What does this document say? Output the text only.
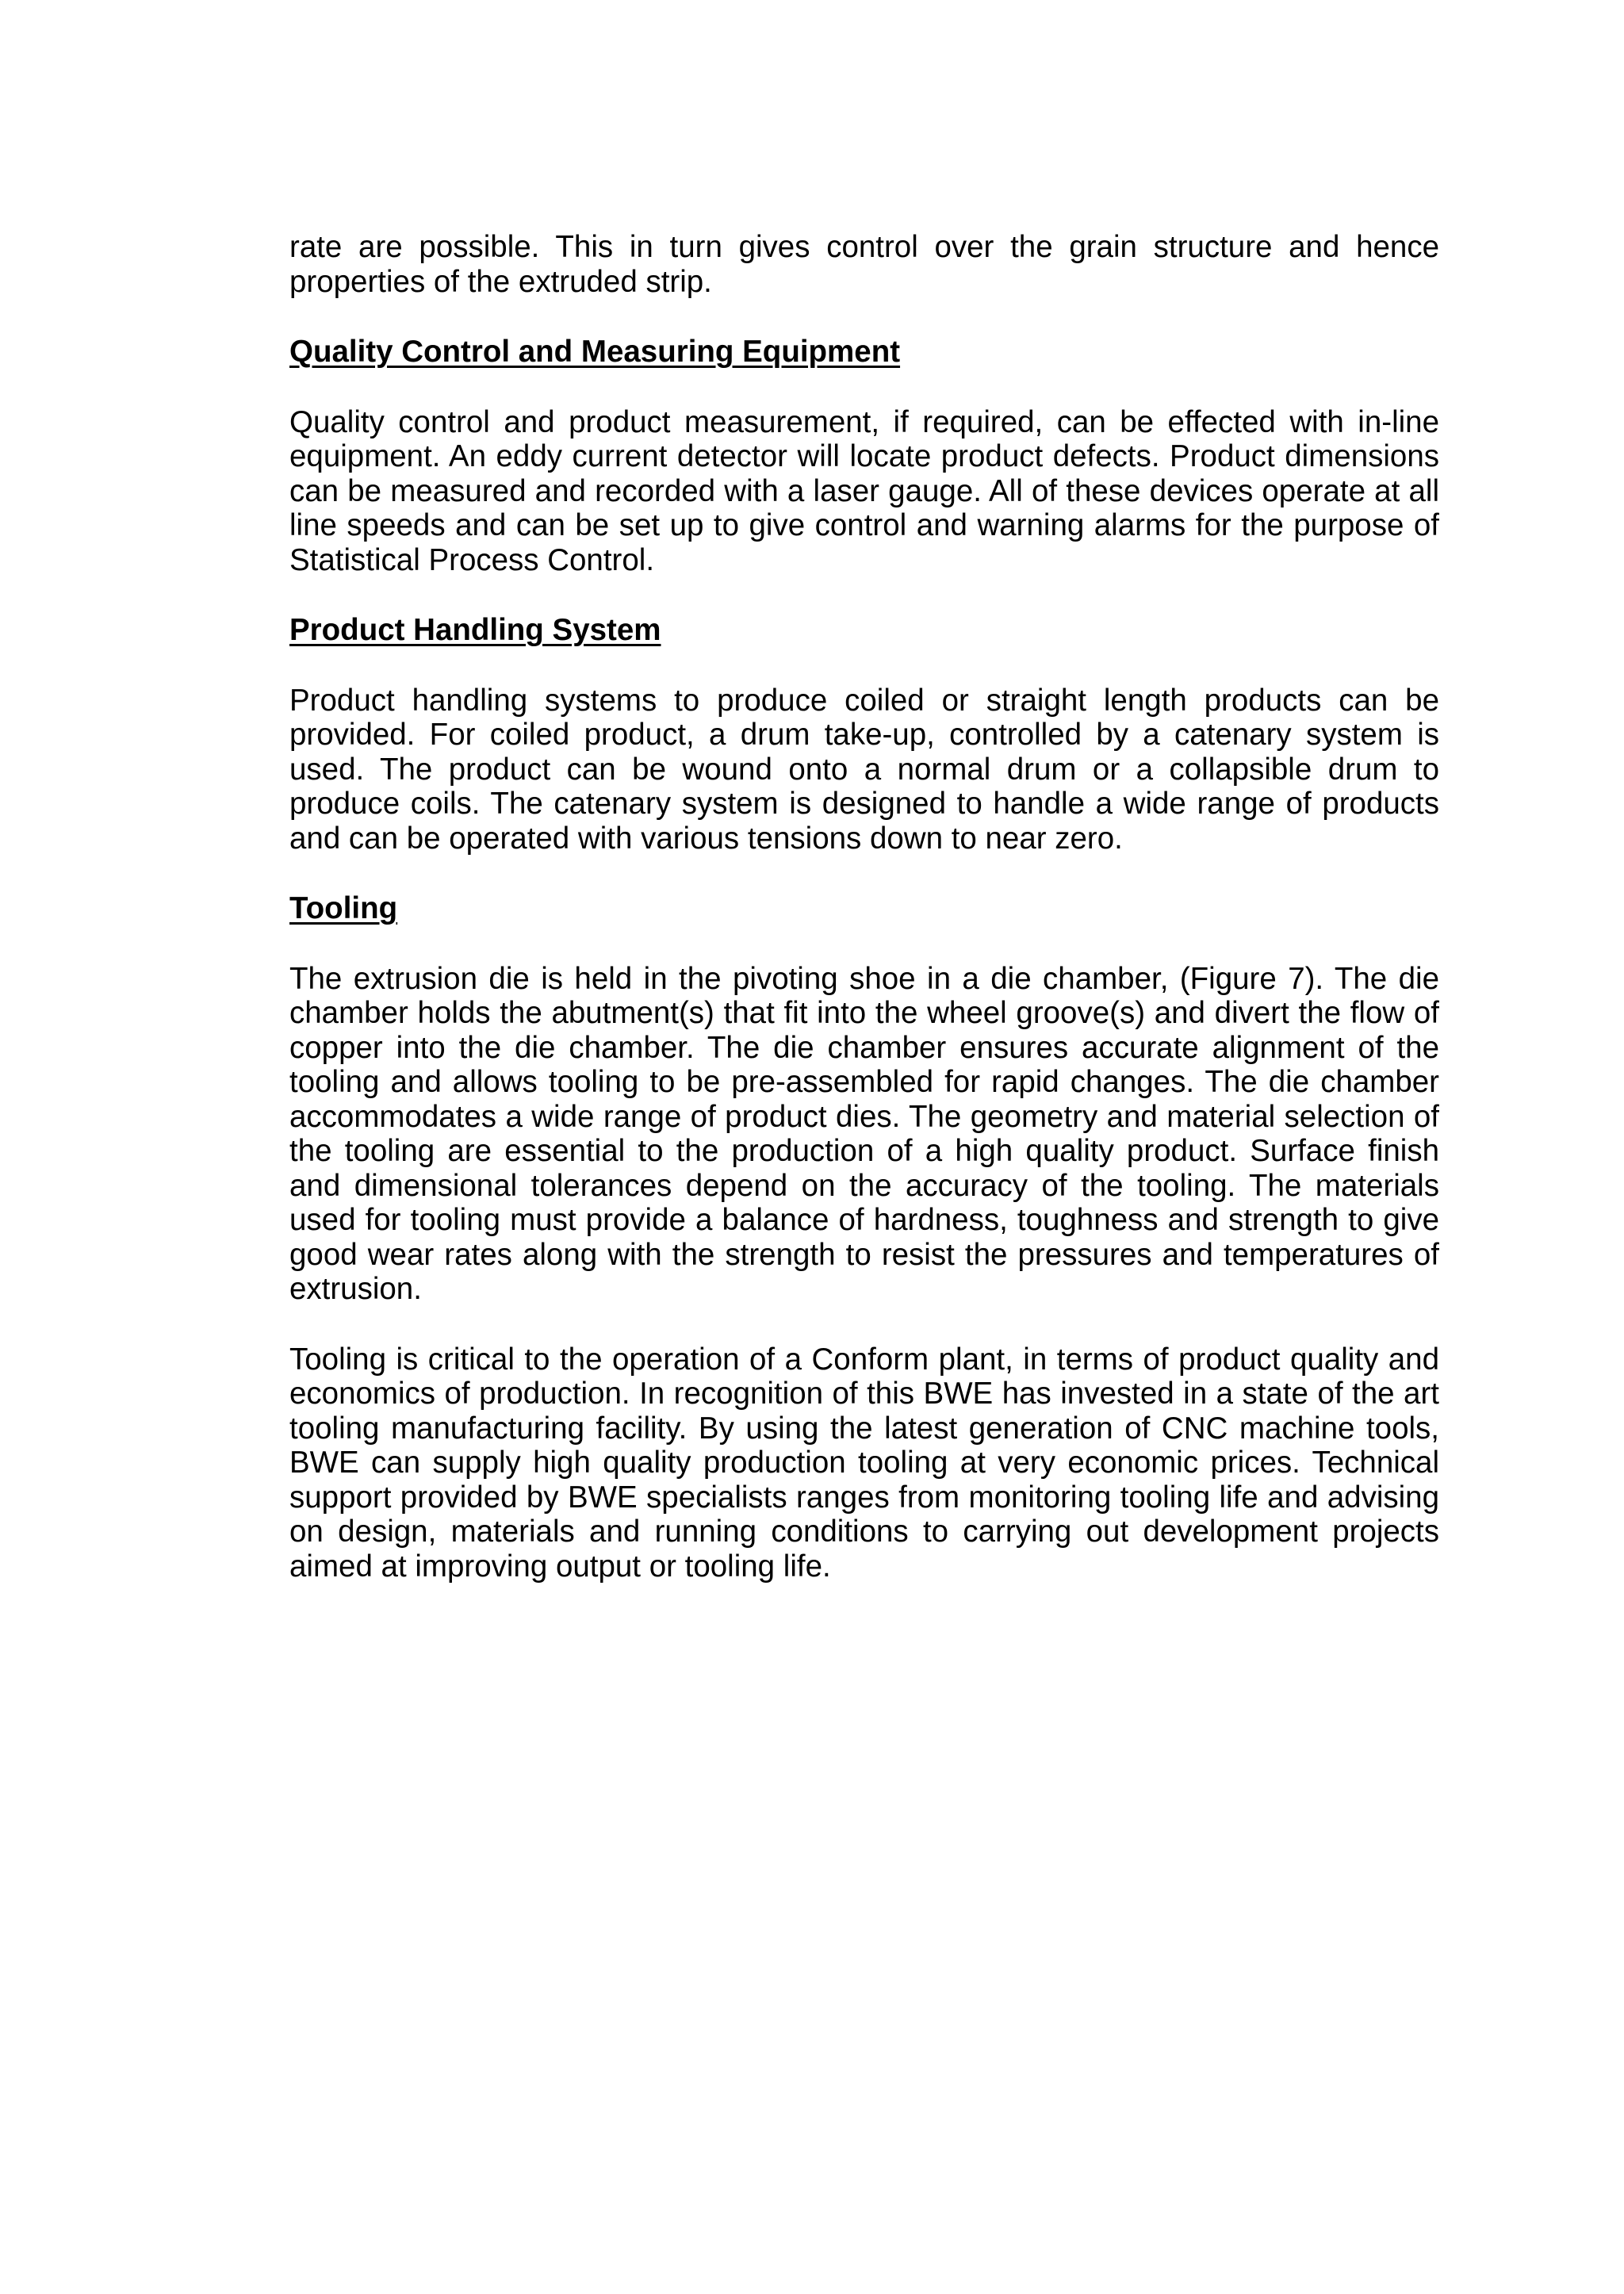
rate are possible. This in turn gives control over the grain structure and hence properties of the extruded strip.

Quality Control and Measuring Equipment

Quality control and product measurement, if required, can be effected with in-line equipment. An eddy current detector will locate product defects. Product dimensions can be measured and recorded with a laser gauge. All of these devices operate at all line speeds and can be set up to give control and warning alarms for the purpose of Statistical Process Control.

Product Handling System

Product handling systems to produce coiled or straight length products can be provided. For coiled product, a drum take-up, controlled by a catenary system is used. The product can be wound onto a normal drum or a collapsible drum to produce coils. The catenary system is designed to handle a wide range of products and can be operated with various tensions down to near zero.

Tooling

The extrusion die is held in the pivoting shoe in a die chamber, (Figure 7). The die chamber holds the abutment(s) that fit into the wheel groove(s) and divert the flow of copper into the die chamber. The die chamber ensures accurate alignment of the tooling and allows tooling to be pre-assembled for rapid changes. The die chamber accommodates a wide range of product dies. The geometry and material selection of the tooling are essential to the production of a high quality product. Surface finish and dimensional tolerances depend on the accuracy of the tooling. The materials used for tooling must provide a balance of hardness, toughness and strength to give good wear rates along with the strength to resist the pressures and temperatures of extrusion.

Tooling is critical to the operation of a Conform plant, in terms of product quality and economics of production. In recognition of this BWE has invested in a state of the art tooling manufacturing facility. By using the latest generation of CNC machine tools, BWE can supply high quality production tooling at very economic prices. Technical support provided by BWE specialists ranges from monitoring tooling life and advising on design, materials and running conditions to carrying out development projects aimed at improving output or tooling life.
